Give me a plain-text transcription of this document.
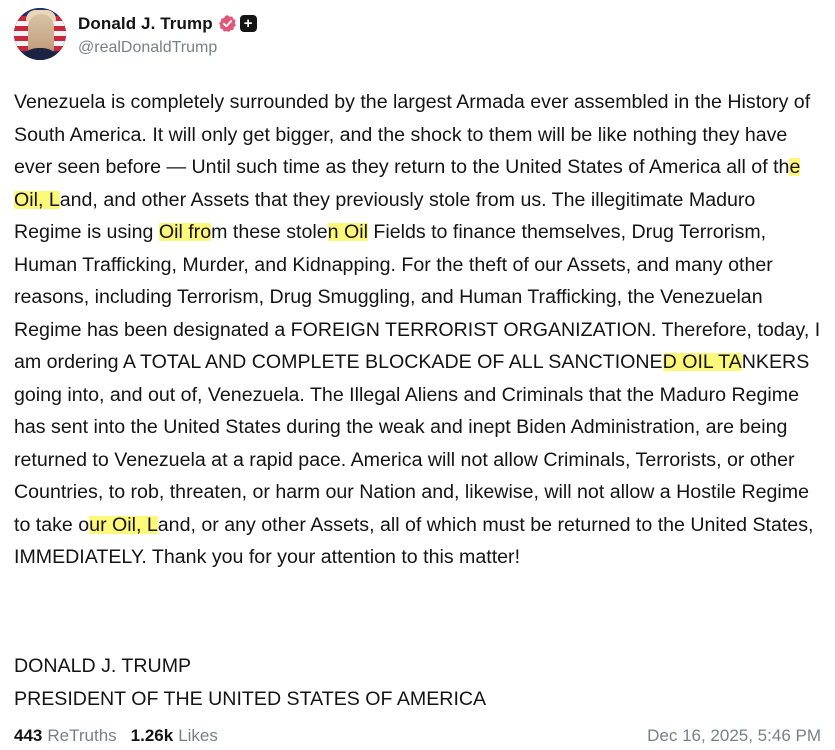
Donald J. Trump +
@realDonaldTrump

Venezuela is completely surrounded by the largest Armada ever assembled in the History of South America. It will only get bigger, and the shock to them will be like nothing they have ever seen before — Until such time as they return to the United States of America all of the Oil, Land, and other Assets that they previously stole from us. The illegitimate Maduro Regime is using Oil from these stolen Oil Fields to finance themselves, Drug Terrorism, Human Trafficking, Murder, and Kidnapping. For the theft of our Assets, and many other reasons, including Terrorism, Drug Smuggling, and Human Trafficking, the Venezuelan Regime has been designated a FOREIGN TERRORIST ORGANIZATION. Therefore, today, I am ordering A TOTAL AND COMPLETE BLOCKADE OF ALL SANCTIONED OIL TANKERS going into, and out of, Venezuela. The Illegal Aliens and Criminals that the Maduro Regime has sent into the United States during the weak and inept Biden Administration, are being returned to Venezuela at a rapid pace. America will not allow Criminals, Terrorists, or other Countries, to rob, threaten, or harm our Nation and, likewise, will not allow a Hostile Regime to take our Oil, Land, or any other Assets, all of which must be returned to the United States, IMMEDIATELY. Thank you for your attention to this matter!

DONALD J. TRUMP
PRESIDENT OF THE UNITED STATES OF AMERICA
443 ReTruths 1.26k Likes	Dec 16, 2025, 5:46 PM
